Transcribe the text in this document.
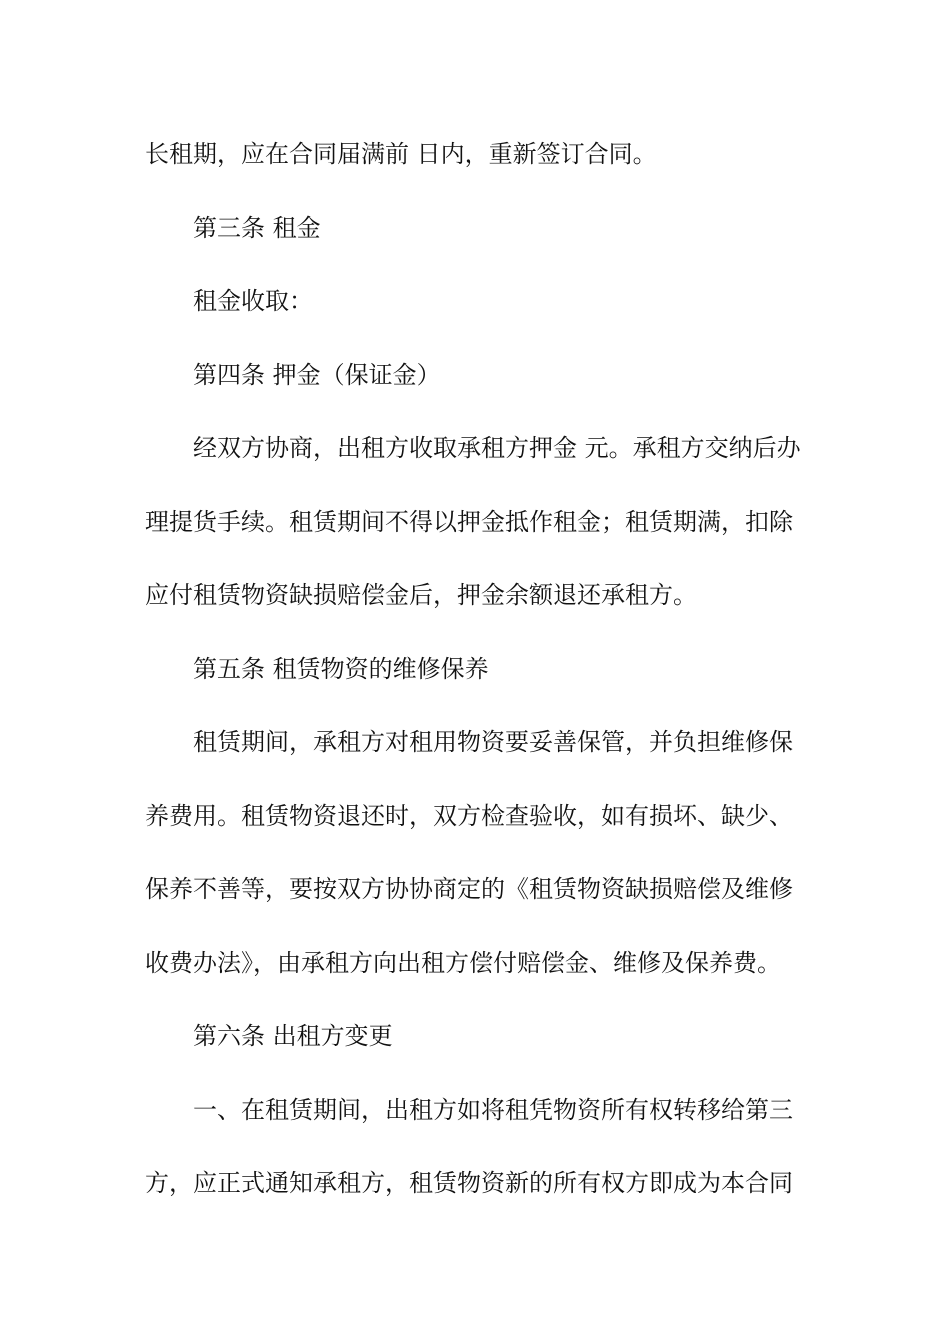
长租期，应在合同届满前 日内，重新签订合同。
第三条 租金
租金收取：
第四条 押金（保证金）
经双方协商，出租方收取承租方押金 元。承租方交纳后办
理提货手续。租赁期间不得以押金抵作租金；租赁期满，扣除
应付租赁物资缺损赔偿金后，押金余额退还承租方。
第五条 租赁物资的维修保养
租赁期间，承租方对租用物资要妥善保管，并负担维修保
养费用。租赁物资退还时，双方检查验收，如有损坏、缺少、
保养不善等，要按双方协协商定的《租赁物资缺损赔偿及维修
收费办法》，由承租方向出租方偿付赔偿金、维修及保养费。
第六条 出租方变更
一、在租赁期间，出租方如将租凭物资所有权转移给第三
方，应正式通知承租方，租赁物资新的所有权方即成为本合同
